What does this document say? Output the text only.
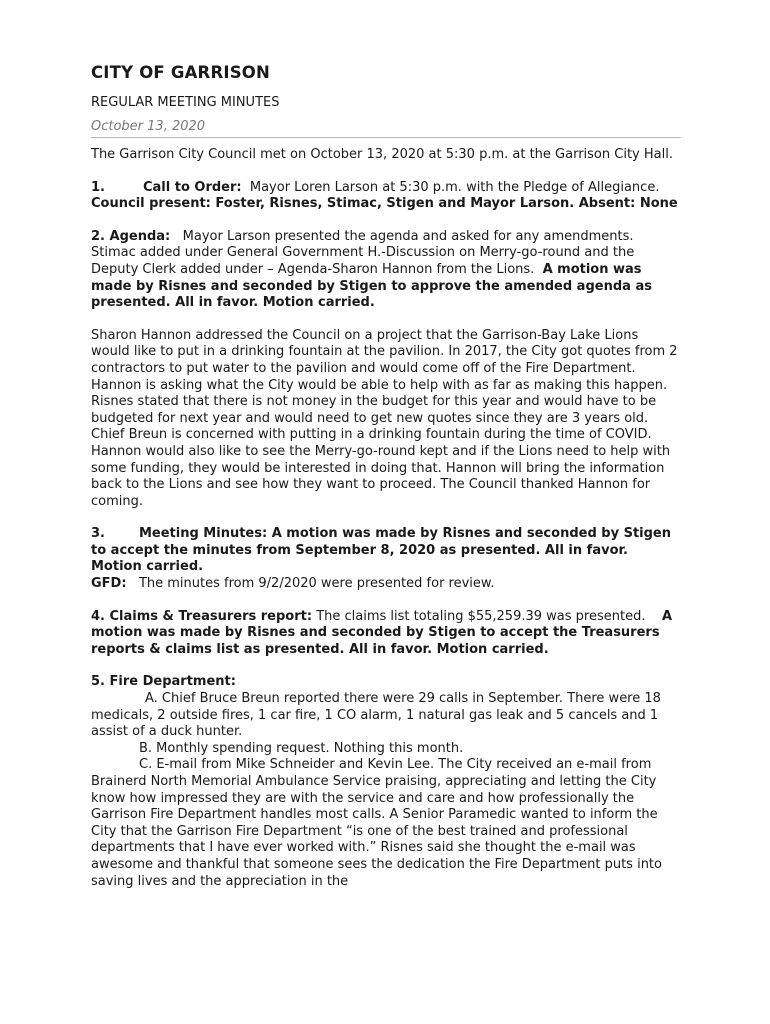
CITY OF GARRISON
REGULAR MEETING MINUTES
October 13, 2020

The Garrison City Council met on October 13, 2020 at 5:30 p.m. at the Garrison City Hall.

1.	Call to Order: Mayor Loren Larson at 5:30 p.m. with the Pledge of Allegiance.  Council present: Foster, Risnes, Stimac, Stigen and Mayor Larson. Absent: None

2. Agenda: Mayor Larson presented the agenda and asked for any amendments. Stimac added under General Government H.-Discussion on Merry-go-round and the Deputy Clerk added under – Agenda-Sharon Hannon from the Lions. A motion was made by Risnes and seconded by Stigen to approve the amended agenda as presented. All in favor. Motion carried.

Sharon Hannon addressed the Council on a project that the Garrison-Bay Lake Lions would like to put in a drinking fountain at the pavilion. In 2017, the City got quotes from 2 contractors to put water to the pavilion and would come off of the Fire Department. Hannon is asking what the City would be able to help with as far as making this happen. Risnes stated that there is not money in the budget for this year and would have to be budgeted for next year and would need to get new quotes since they are 3 years old. Chief Breun is concerned with putting in a drinking fountain during the time of COVID. Hannon would also like to see the Merry-go-round kept and if the Lions need to help with some funding, they would be interested in doing that. Hannon will bring the information back to the Lions and see how they want to proceed. The Council thanked Hannon for coming.

3.	Meeting Minutes: A motion was made by Risnes and seconded by Stigen to accept the minutes from September 8, 2020 as presented. All in favor. Motion carried.
GFD: The minutes from 9/2/2020 were presented for review.

4. Claims & Treasurers report: The claims list totaling $55,259.39 was presented. A motion was made by Risnes and seconded by Stigen to accept the Treasurers reports & claims list as presented. All in favor. Motion carried.

5. Fire Department:

A. Chief Bruce Breun reported there were 29 calls in September. There were 18 medicals, 2 outside fires, 1 car fire, 1 CO alarm, 1 natural gas leak and 5 cancels and 1 assist of a duck hunter.

B. Monthly spending request. Nothing this month.

C. E-mail from Mike Schneider and Kevin Lee. The City received an e-mail from Brainerd North Memorial Ambulance Service praising, appreciating and letting the City know how impressed they are with the service and care and how professionally the Garrison Fire Department handles most calls. A Senior Paramedic wanted to inform the City that the Garrison Fire Department “is one of the best trained and professional departments that I have ever worked with.” Risnes said she thought the e-mail was awesome and thankful that someone sees the dedication the Fire Department puts into saving lives and the appreciation in the
